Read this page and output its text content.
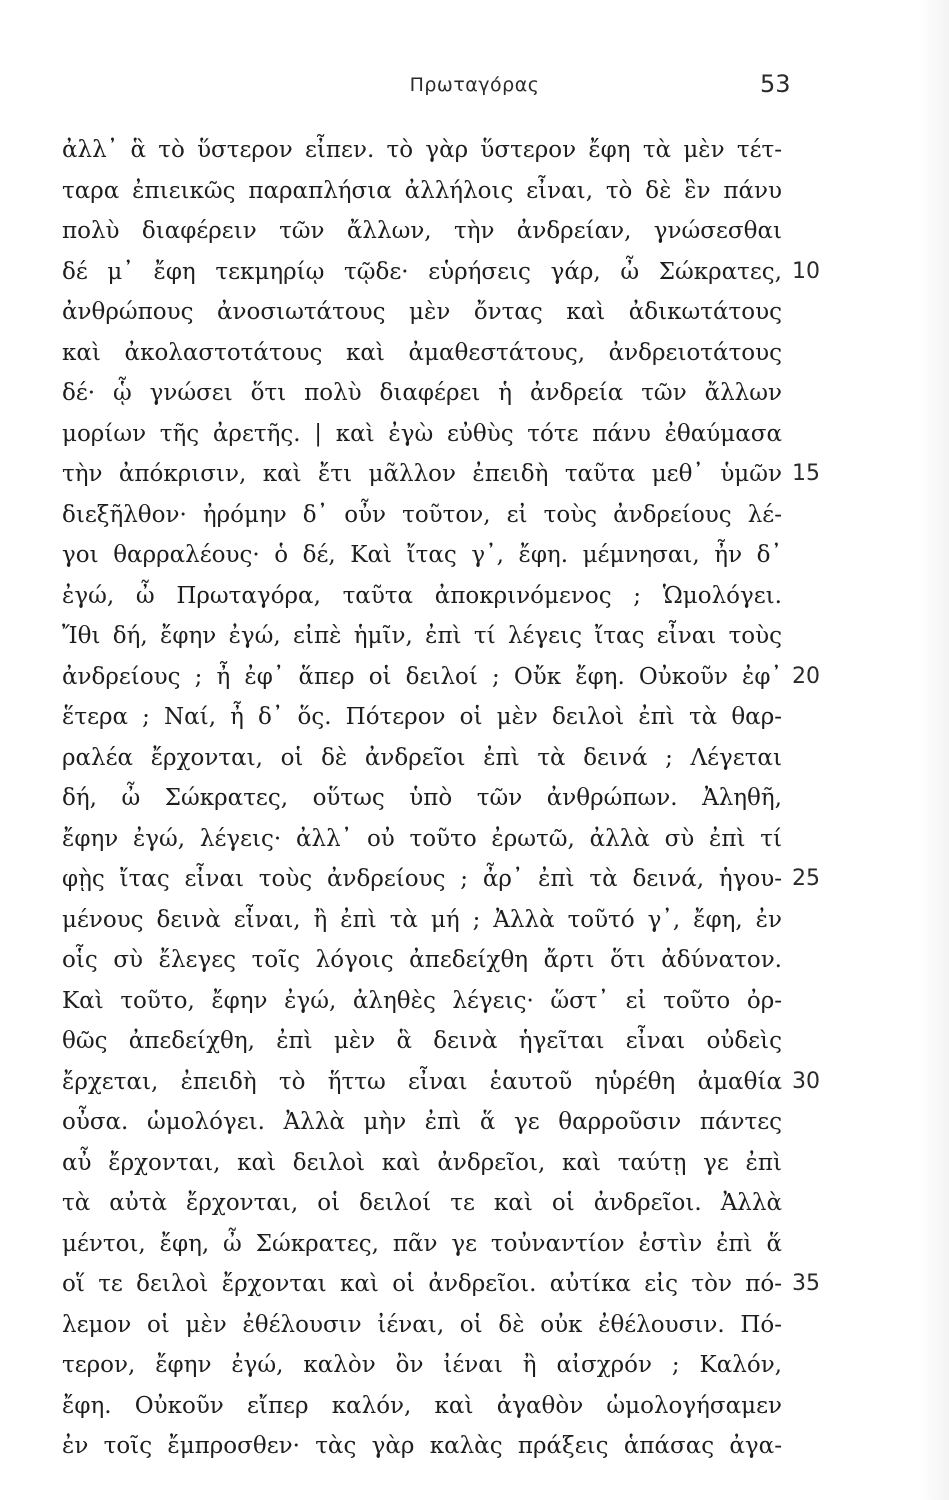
Πρωταγόρας	53
ἀλλ᾽ ἃ τὸ ὕστερον εἶπεν. τὸ γὰρ ὕστερον ἔφη τὰ μὲν τέτ-
ταρα ἐπιεικῶς παραπλήσια ἀλλήλοις εἶναι, τὸ δὲ ἓν πάνυ
πολὺ διαφέρειν τῶν ἄλλων, τὴν ἀνδρείαν, γνώσεσθαι
δέ μ᾽ ἔφη τεκμηρίῳ τῷδε· εὑρήσεις γάρ, ὦ Σώκρατες, 10
ἀνθρώπους ἀνοσιωτάτους μὲν ὄντας καὶ ἀδικωτάτους
καὶ ἀκολαστοτάτους καὶ ἀμαθεστάτους, ἀνδρειοτάτους
δέ· ᾧ γνώσει ὅτι πολὺ διαφέρει ἡ ἀνδρεία τῶν ἄλλων
μορίων τῆς ἀρετῆς. | καὶ ἐγὼ εὐθὺς τότε πάνυ ἐθαύμασα
τὴν ἀπόκρισιν, καὶ ἔτι μᾶλλον ἐπειδὴ ταῦτα μεθ᾽ ὑμῶν 15
διεξῆλθον· ἠρόμην δ᾽ οὖν τοῦτον, εἰ τοὺς ἀνδρείους λέ-
γοι θαρραλέους· ὁ δέ, Καὶ ἴτας γ᾽, ἔφη. μέμνησαι, ἦν δ᾽
ἐγώ, ὦ Πρωταγόρα, ταῦτα ἀποκρινόμενος ; Ὡμολόγει.
Ἴθι δή, ἔφην ἐγώ, εἰπὲ ἡμῖν, ἐπὶ τί λέγεις ἴτας εἶναι τοὺς
ἀνδρείους ; ἦ ἐφ᾽ ἅπερ οἱ δειλοί ; Οὔκ ἔφη. Οὐκοῦν ἐφ᾽ 20
ἕτερα ; Ναί, ἦ δ᾽ ὅς. Πότερον οἱ μὲν δειλοὶ ἐπὶ τὰ θαρ-
ραλέα ἔρχονται, οἱ δὲ ἀνδρεῖοι ἐπὶ τὰ δεινά ; Λέγεται
δή, ὦ Σώκρατες, οὕτως ὑπὸ τῶν ἀνθρώπων. Ἀληθῆ,
ἔφην ἐγώ, λέγεις· ἀλλ᾽ οὐ τοῦτο ἐρωτῶ, ἀλλὰ σὺ ἐπὶ τί
φῂς ἴτας εἶναι τοὺς ἀνδρείους ; ἆρ᾽ ἐπὶ τὰ δεινά, ἡγου- 25
μένους δεινὰ εἶναι, ἢ ἐπὶ τὰ μή ; Ἀλλὰ τοῦτό γ᾽, ἔφη, ἐν
οἷς σὺ ἔλεγες τοῖς λόγοις ἀπεδείχθη ἄρτι ὅτι ἀδύνατον.
Καὶ τοῦτο, ἔφην ἐγώ, ἀληθὲς λέγεις· ὥστ᾽ εἰ τοῦτο ὀρ-
θῶς ἀπεδείχθη, ἐπὶ μὲν ἃ δεινὰ ἡγεῖται εἶναι οὐδεὶς
ἔρχεται, ἐπειδὴ τὸ ἥττω εἶναι ἑαυτοῦ ηὑρέθη ἀμαθία 30
οὖσα. ὡμολόγει. Ἀλλὰ μὴν ἐπὶ ἅ γε θαρροῦσιν πάντες
αὖ ἔρχονται, καὶ δειλοὶ καὶ ἀνδρεῖοι, καὶ ταύτῃ γε ἐπὶ
τὰ αὐτὰ ἔρχονται, οἱ δειλοί τε καὶ οἱ ἀνδρεῖοι. Ἀλλὰ
μέντοι, ἔφη, ὦ Σώκρατες, πᾶν γε τοὐναντίον ἐστὶν ἐπὶ ἅ
οἵ τε δειλοὶ ἔρχονται καὶ οἱ ἀνδρεῖοι. αὐτίκα εἰς τὸν πό- 35
λεμον οἱ μὲν ἐθέλουσιν ἰέναι, οἱ δὲ οὐκ ἐθέλουσιν. Πό-
τερον, ἔφην ἐγώ, καλὸν ὂν ἰέναι ἢ αἰσχρόν ; Καλόν,
ἔφη. Οὐκοῦν εἴπερ καλόν, καὶ ἀγαθὸν ὡμολογήσαμεν
ἐν τοῖς ἔμπροσθεν· τὰς γὰρ καλὰς πράξεις ἁπάσας ἀγα-
